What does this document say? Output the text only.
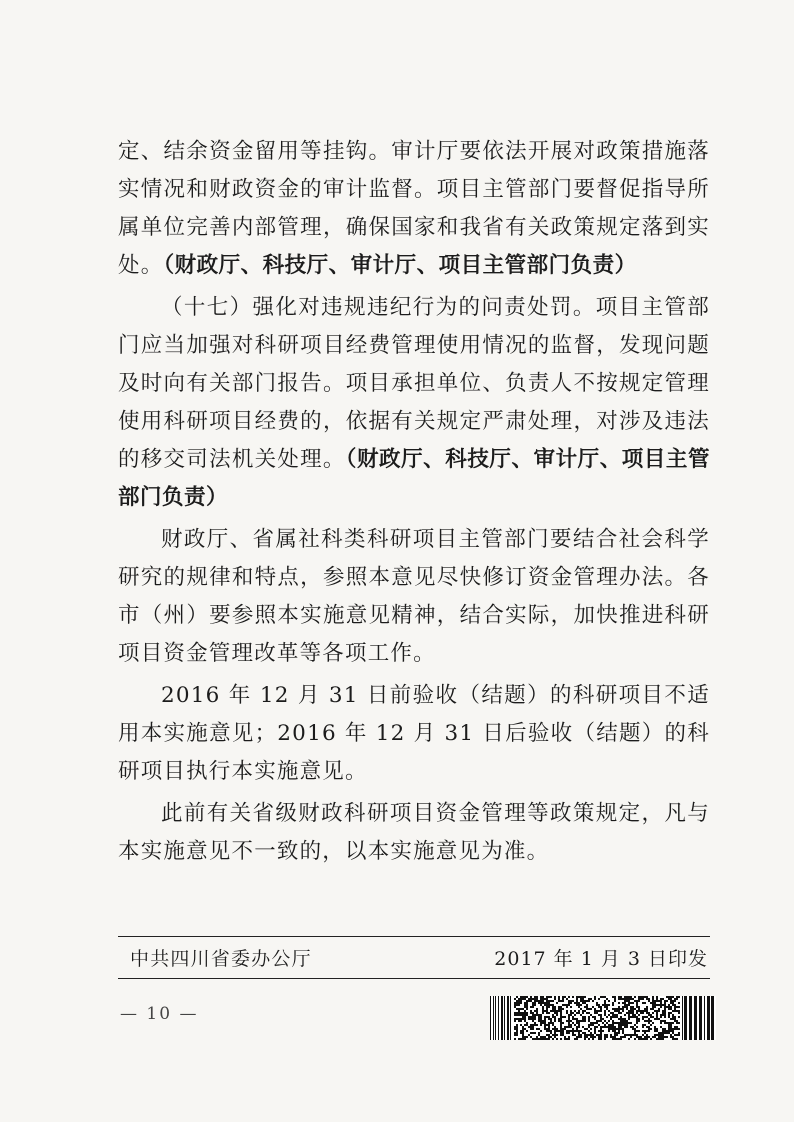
定、结余资金留用等挂钩。审计厅要依法开展对政策措施落实情况和财政资金的审计监督。项目主管部门要督促指导所属单位完善内部管理，确保国家和我省有关政策规定落到实处。（财政厅、科技厅、审计厅、项目主管部门负责）

（十七）强化对违规违纪行为的问责处罚。项目主管部门应当加强对科研项目经费管理使用情况的监督，发现问题及时向有关部门报告。项目承担单位、负责人不按规定管理使用科研项目经费的，依据有关规定严肃处理，对涉及违法的移交司法机关处理。（财政厅、科技厅、审计厅、项目主管部门负责）

财政厅、省属社科类科研项目主管部门要结合社会科学研究的规律和特点，参照本意见尽快修订资金管理办法。各市（州）要参照本实施意见精神，结合实际，加快推进科研项目资金管理改革等各项工作。

2016 年 12 月 31 日前验收（结题）的科研项目不适用本实施意见；2016 年 12 月 31 日后验收（结题）的科研项目执行本实施意见。

此前有关省级财政科研项目资金管理等政策规定，凡与本实施意见不一致的，以本实施意见为准。

中共四川省委办公厅	2017 年 1 月 3 日印发
— 10 —
